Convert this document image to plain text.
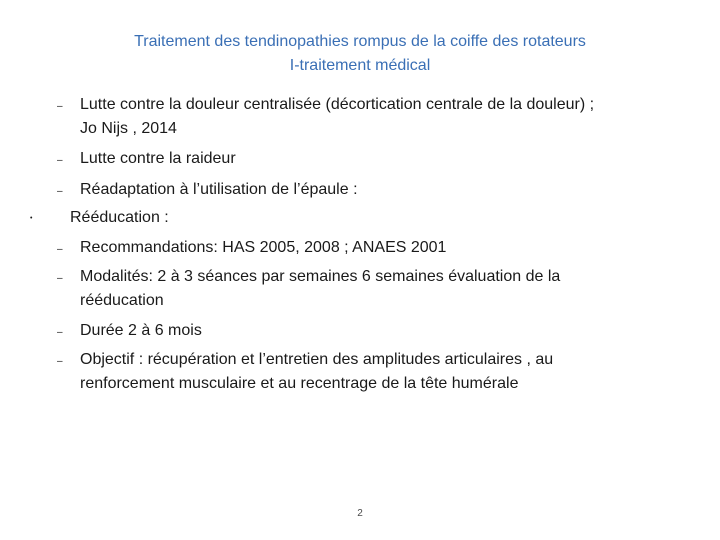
Traitement des tendinopathies rompus de la coiffe des rotateurs
I-traitement médical
– Lutte contre la douleur centralisée (décortication centrale de la douleur) ;
Jo Nijs , 2014
– Lutte contre la raideur
– Réadaptation à l’utilisation de l’épaule :
• Rééducation :
– Recommandations: HAS 2005, 2008 ; ANAES 2001
– Modalités: 2 à 3 séances par semaines 6 semaines évaluation de la
rééducation
– Durée 2 à 6 mois
– Objectif : récupération et l’entretien des amplitudes articulaires , au
renforcement musculaire et au recentrage de la tête humérale
2
